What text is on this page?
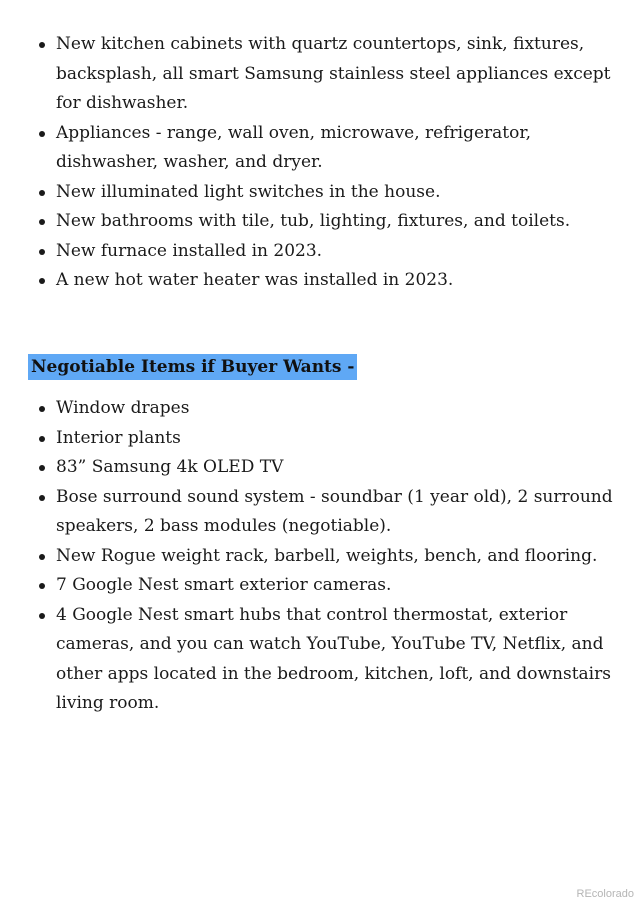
New kitchen cabinets with quartz countertops, sink, fixtures, backsplash, all smart Samsung stainless steel appliances except for dishwasher.
Appliances - range, wall oven, microwave, refrigerator, dishwasher, washer, and dryer.
New illuminated light switches in the house.
New bathrooms with tile, tub, lighting, fixtures, and toilets.
New furnace installed in 2023.
A new hot water heater was installed in 2023.
Negotiable Items if Buyer Wants -
Window drapes
Interior plants
83” Samsung 4k OLED TV
Bose surround sound system - soundbar (1 year old), 2 surround speakers, 2 bass modules (negotiable).
New Rogue weight rack, barbell, weights, bench, and flooring.
7 Google Nest smart exterior cameras.
4 Google Nest smart hubs that control thermostat, exterior cameras, and you can watch YouTube, YouTube TV, Netflix, and other apps located in the bedroom, kitchen, loft, and downstairs living room.
REcolorado
